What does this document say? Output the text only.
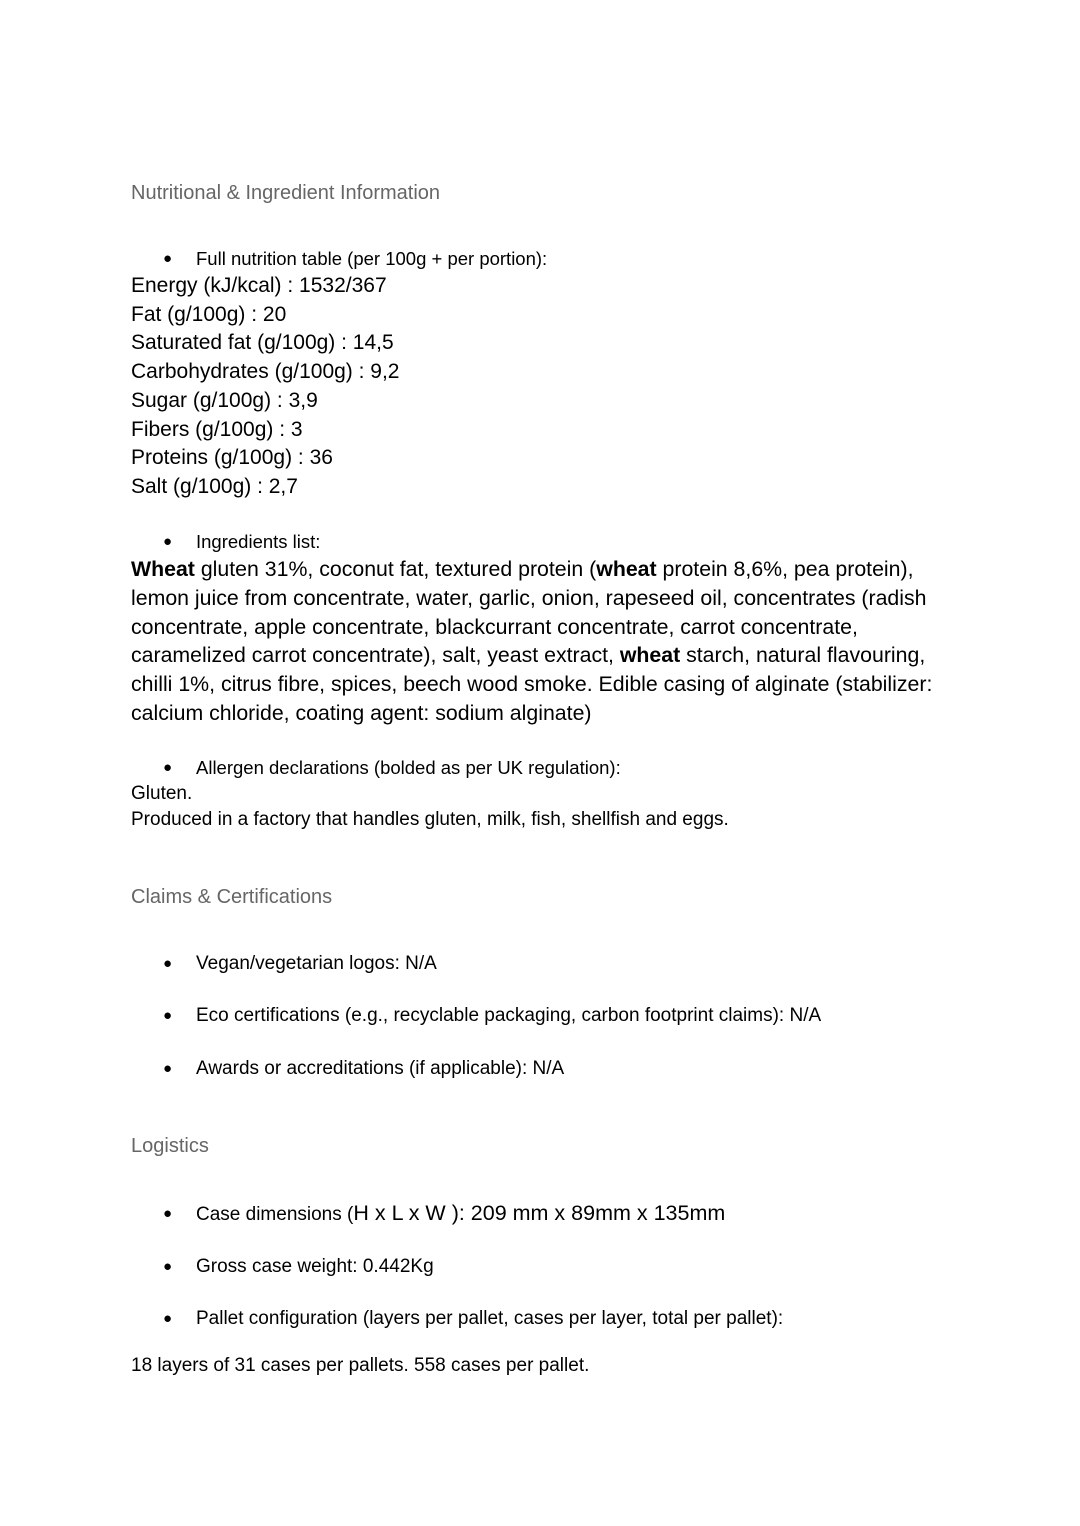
Nutritional & Ingredient Information
● Full nutrition table (per 100g + per portion):
Energy (kJ/kcal) : 1532/367
Fat (g/100g) : 20
Saturated fat (g/100g) : 14,5
Carbohydrates (g/100g) : 9,2
Sugar (g/100g) : 3,9
Fibers (g/100g) : 3
Proteins (g/100g) : 36
Salt (g/100g) : 2,7
● Ingredients list:
Wheat gluten 31%, coconut fat, textured protein (wheat protein 8,6%, pea protein), lemon juice from concentrate, water, garlic, onion, rapeseed oil, concentrates (radish concentrate, apple concentrate, blackcurrant concentrate, carrot concentrate, caramelized carrot concentrate), salt, yeast extract, wheat starch, natural flavouring, chilli 1%, citrus fibre, spices, beech wood smoke. Edible casing of alginate (stabilizer: calcium chloride, coating agent: sodium alginate)
● Allergen declarations (bolded as per UK regulation):
Gluten.
Produced in a factory that handles gluten, milk, fish, shellfish and eggs.
Claims & Certifications
● Vegan/vegetarian logos: N/A
● Eco certifications (e.g., recyclable packaging, carbon footprint claims): N/A
● Awards or accreditations (if applicable): N/A
Logistics
● Case dimensions (H x L x W ): 209 mm x 89mm x 135mm
● Gross case weight: 0.442Kg
● Pallet configuration (layers per pallet, cases per layer, total per pallet):
18 layers of 31 cases per pallets. 558 cases per pallet.
